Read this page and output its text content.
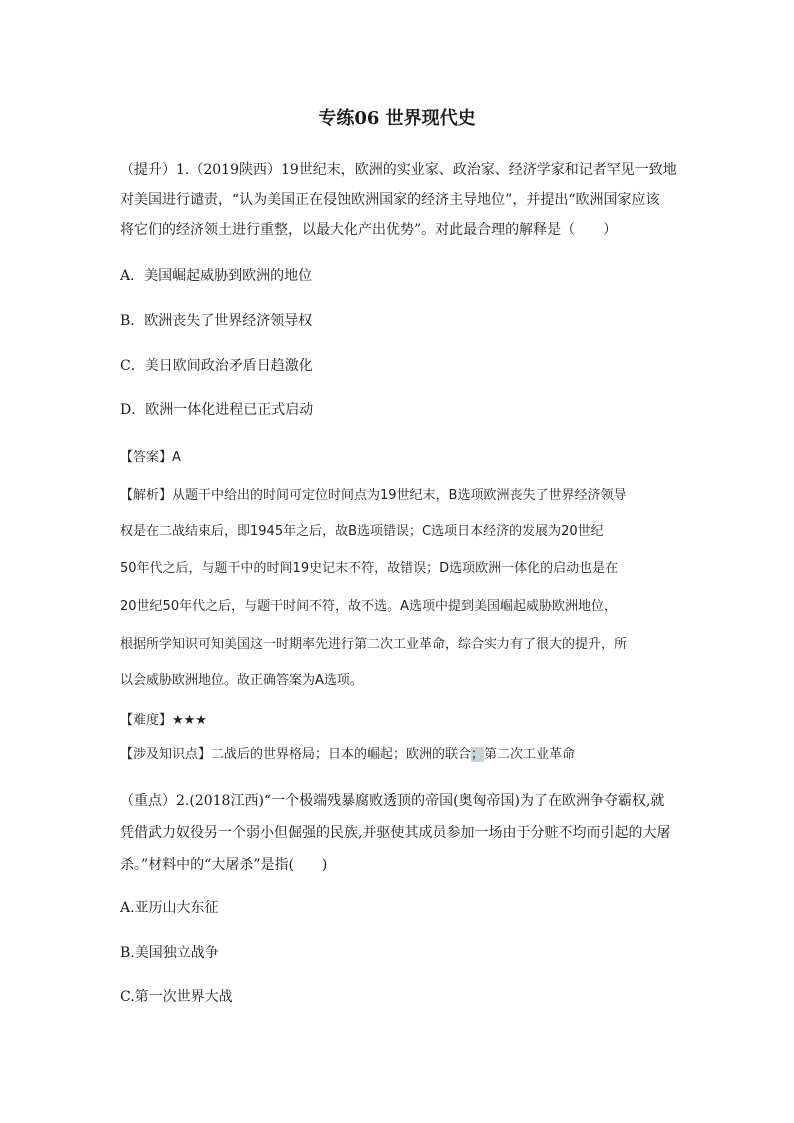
专练06 世界现代史
（提升）1.（2019陕西）19世纪末，欧洲的实业家、政治家、经济学家和记者罕见一致地
对美国进行谴责，“认为美国正在侵蚀欧洲国家的经济主导地位”，并提出“欧洲国家应该
将它们的经济领土进行重整，以最大化产出优势”。对此最合理的解释是（　　）
A．美国崛起威胁到欧洲的地位
B．欧洲丧失了世界经济领导权
C．美日欧间政治矛盾日趋激化
D．欧洲一体化进程已正式启动
【答案】A
【解析】从题干中给出的时间可定位时间点为19世纪末，B选项欧洲丧失了世界经济领导
权是在二战结束后，即1945年之后，故B选项错误；C选项日本经济的发展为20世纪
50年代之后，与题干中的时间19史记末不符，故错误；D选项欧洲一体化的启动也是在
20世纪50年代之后，与题干时间不符，故不选。A选项中提到美国崛起威胁欧洲地位，
根据所学知识可知美国这一时期率先进行第二次工业革命，综合实力有了很大的提升，所
以会威胁欧洲地位。故正确答案为A选项。
【难度】★★★
【涉及知识点】二战后的世界格局；日本的崛起；欧洲的联合；第二次工业革命
（重点）2.(2018江西)“一个极端残暴腐败透顶的帝国(奥匈帝国)为了在欧洲争夺霸权,就
凭借武力奴役另一个弱小但倔强的民族,并驱使其成员参加一场由于分赃不均而引起的大屠
杀。”材料中的“大屠杀”是指(　　)
A.亚历山大东征
B.美国独立战争
C.第一次世界大战
